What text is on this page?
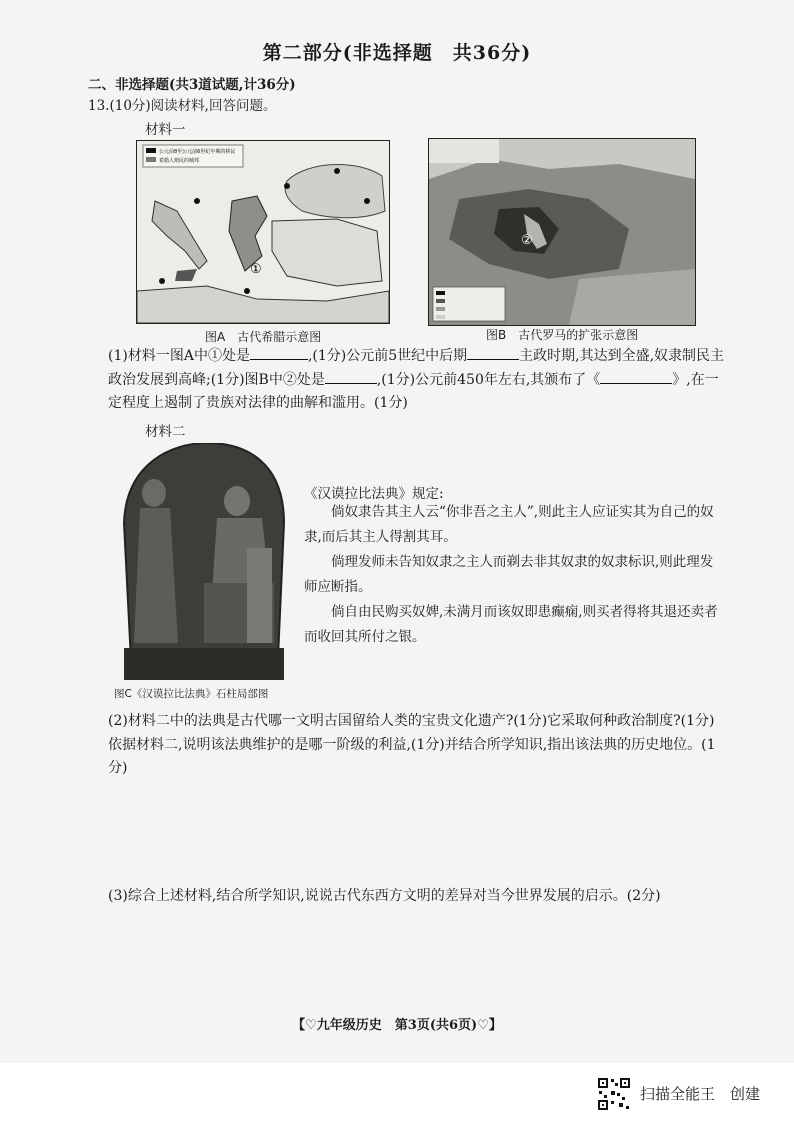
第二部分(非选择题　共36分)
二、非选择题(共3道试题,计36分)
13.(10分)阅读材料,回答问题。
材料一
公元前8至公元前6世纪中期的移民
希腊人殖民的城邦
①
图A　古代希腊示意图
②
图B　古代罗马的扩张示意图
(1)材料一图A中①处是	,(1分)公元前5世纪中后期	主政时期,其达到全盛,奴隶制民主政治发展到高峰;(1分)图B中②处是	,(1分)公元前450年左右,其颁布了《	》,在一定程度上遏制了贵族对法律的曲解和滥用。(1分)
材料二
图C《汉谟拉比法典》石柱局部图
《汉谟拉比法典》规定:
倘奴隶告其主人云“你非吾之主人”,则此主人应证实其为自己的奴隶,而后其主人得割其耳。
倘理发师未告知奴隶之主人而剃去非其奴隶的奴隶标识,则此理发师应断指。
倘自由民购买奴婢,未满月而该奴即患癫痫,则买者得将其退还卖者而收回其所付之银。
(2)材料二中的法典是古代哪一文明古国留给人类的宝贵文化遗产?(1分)它采取何种政治制度?(1分)依据材料二,说明该法典维护的是哪一阶级的利益,(1分)并结合所学知识,指出该法典的历史地位。(1分)
(3)综合上述材料,结合所学知识,说说古代东西方文明的差异对当今世界发展的启示。(2分)
【♡九年级历史　第3页(共6页)♡】
扫描全能王　创建
